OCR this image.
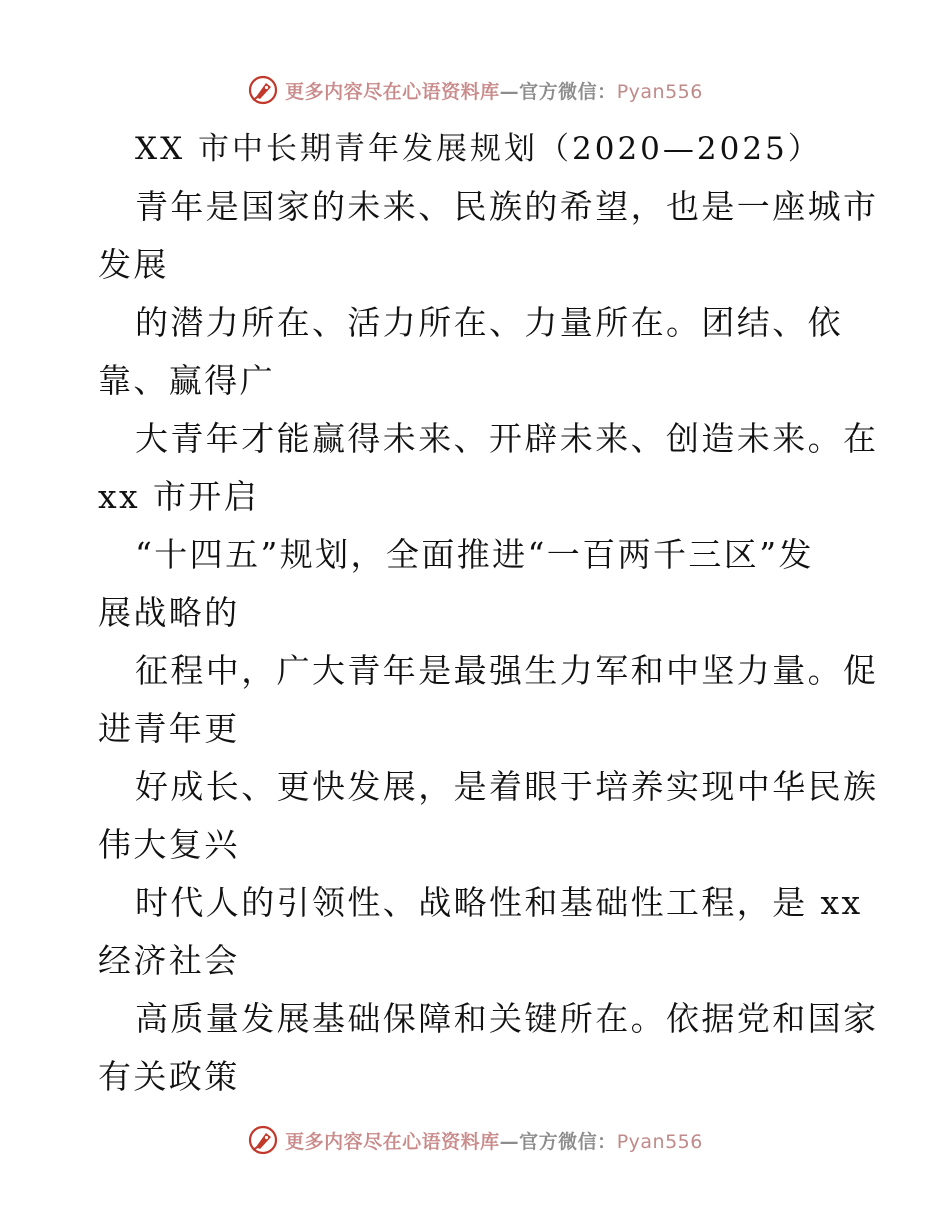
更多内容尽在心语资料库—官方微信：Pyan556
XX 市中长期青年发展规划（2020—2025）
青年是国家的未来、民族的希望，也是一座城市
发展
的潜力所在、活力所在、力量所在。团结、依
靠、赢得广
大青年才能赢得未来、开辟未来、创造未来。在
xx 市开启
“十四五”规划，全面推进“一百两千三区”发
展战略的
征程中，广大青年是最强生力军和中坚力量。促
进青年更
好成长、更快发展，是着眼于培养实现中华民族
伟大复兴
时代人的引领性、战略性和基础性工程，是 xx
经济社会
高质量发展基础保障和关键所在。依据党和国家
有关政策
更多内容尽在心语资料库—官方微信：Pyan556
